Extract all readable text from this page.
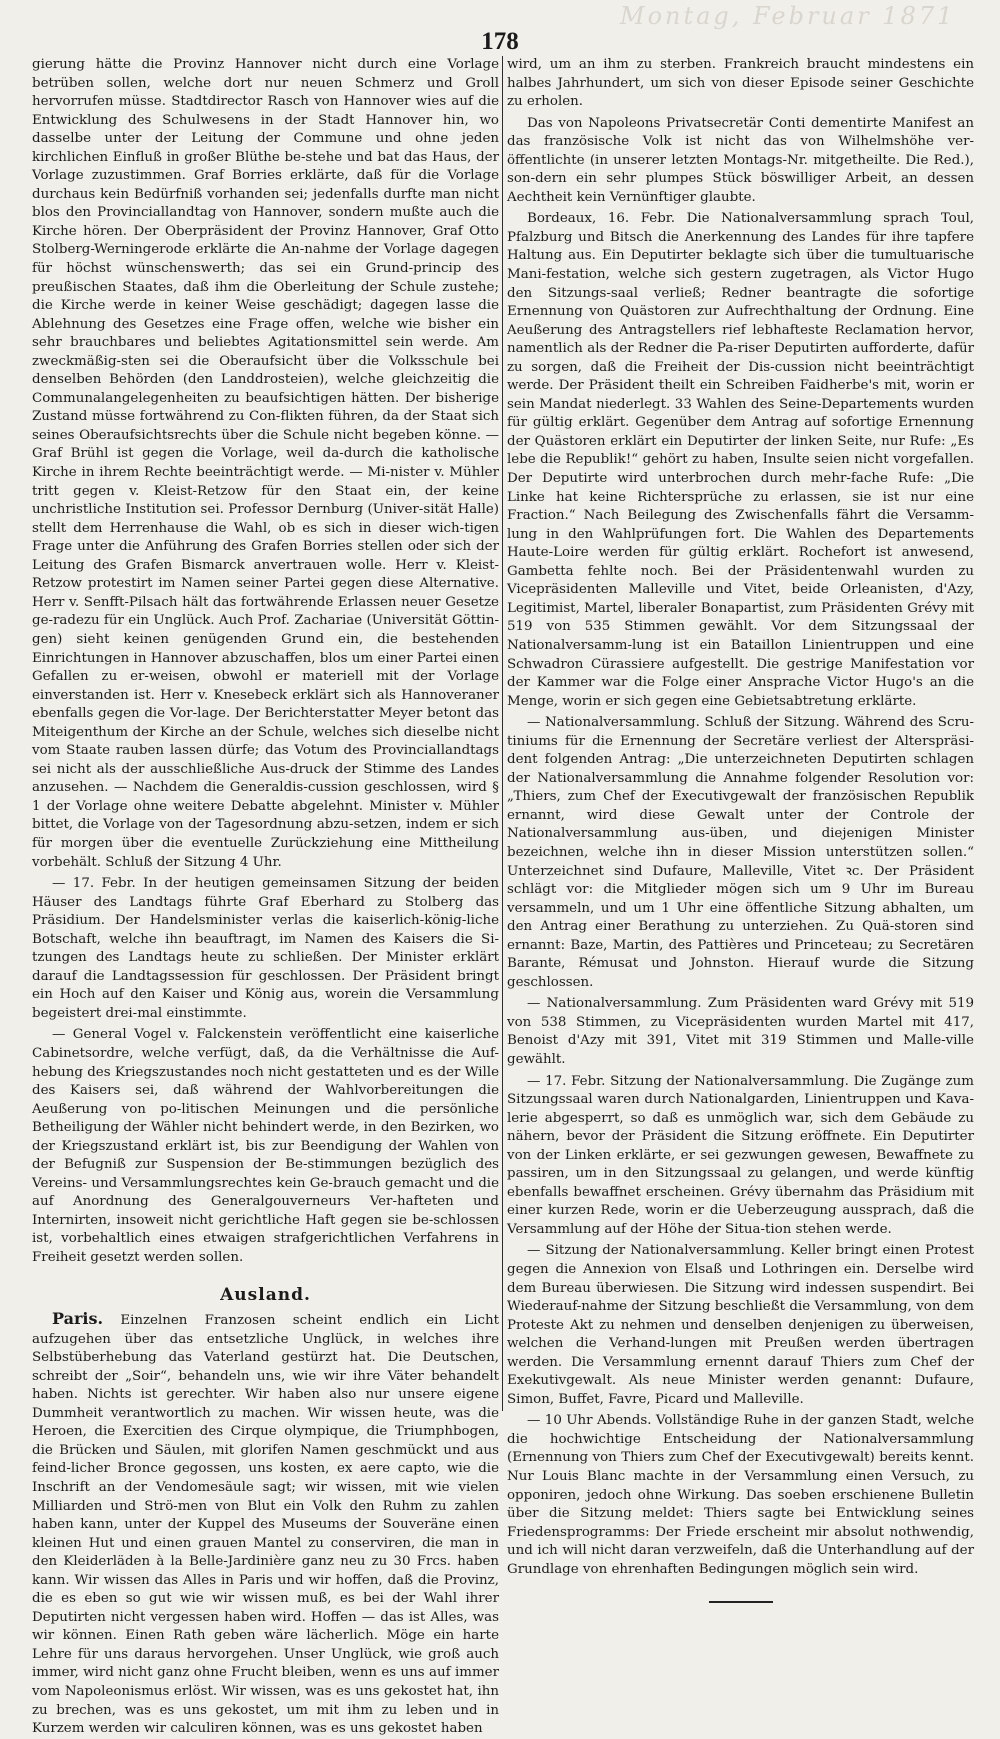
Montag, Februar 1871
178

gierung hätte die Provinz Hannover nicht durch eine Vorlage betrüben sollen, welche dort nur neuen Schmerz und Groll hervorrufen müsse. Stadtdirector Rasch von Hannover wies auf die Entwicklung des Schulwesens in der Stadt Hannover hin, wo dasselbe unter der Leitung der Commune und ohne jeden kirchlichen Einfluß in großer Blüthe be-stehe und bat das Haus, der Vorlage zuzustimmen. Graf Borries erklärte, daß für die Vorlage durchaus kein Bedürfniß vorhanden sei; jedenfalls durfte man nicht blos den Provinciallandtag von Hannover, sondern mußte auch die Kirche hören. Der Oberpräsident der Provinz Hannover, Graf Otto Stolberg-Werningerode erklärte die An-nahme der Vorlage dagegen für höchst wünschenswerth; das sei ein Grund-princip des preußischen Staates, daß ihm die Oberleitung der Schule zustehe; die Kirche werde in keiner Weise geschädigt; dagegen lasse die Ablehnung des Gesetzes eine Frage offen, welche wie bisher ein sehr brauchbares und beliebtes Agitationsmittel sein werde. Am zweckmäßig-sten sei die Oberaufsicht über die Volksschule bei denselben Behörden (den Landdrosteien), welche gleichzeitig die Communalangelegenheiten zu beaufsichtigen hätten. Der bisherige Zustand müsse fortwährend zu Con-flikten führen, da der Staat sich seines Oberaufsichtsrechts über die Schule nicht begeben könne. — Graf Brühl ist gegen die Vorlage, weil da-durch die katholische Kirche in ihrem Rechte beeinträchtigt werde. — Mi-nister v. Mühler tritt gegen v. Kleist-Retzow für den Staat ein, der keine unchristliche Institution sei. Professor Dernburg (Univer-sität Halle) stellt dem Herrenhause die Wahl, ob es sich in dieser wich-tigen Frage unter die Anführung des Grafen Borries stellen oder sich der Leitung des Grafen Bismarck anvertrauen wolle. Herr v. Kleist-Retzow protestirt im Namen seiner Partei gegen diese Alternative. Herr v. Senfft-Pilsach hält das fortwährende Erlassen neuer Gesetze ge-radezu für ein Unglück. Auch Prof. Zachariae (Universität Göttin-gen) sieht keinen genügenden Grund ein, die bestehenden Einrichtungen in Hannover abzuschaffen, blos um einer Partei einen Gefallen zu er-weisen, obwohl er materiell mit der Vorlage einverstanden ist. Herr v. Knesebeck erklärt sich als Hannoveraner ebenfalls gegen die Vor-lage. Der Berichterstatter Meyer betont das Miteigenthum der Kirche an der Schule, welches sich dieselbe nicht vom Staate rauben lassen dürfe; das Votum des Provinciallandtags sei nicht als der ausschließliche Aus-druck der Stimme des Landes anzusehen. — Nachdem die Generaldis-cussion geschlossen, wird § 1 der Vorlage ohne weitere Debatte abgelehnt. Minister v. Mühler bittet, die Vorlage von der Tagesordnung abzu-setzen, indem er sich für morgen über die eventuelle Zurückziehung eine Mittheilung vorbehält. Schluß der Sitzung 4 Uhr.

— 17. Febr. In der heutigen gemeinsamen Sitzung der beiden Häuser des Landtags führte Graf Eberhard zu Stolberg das Präsidium. Der Handelsminister verlas die kaiserlich-könig-liche Botschaft, welche ihn beauftragt, im Namen des Kaisers die Si-tzungen des Landtags heute zu schließen. Der Minister erklärt darauf die Landtagssession für geschlossen. Der Präsident bringt ein Hoch auf den Kaiser und König aus, worein die Versammlung begeistert drei-mal einstimmte.

— General Vogel v. Falckenstein veröffentlicht eine kaiserliche Cabinetsordre, welche verfügt, daß, da die Verhältnisse die Auf-hebung des Kriegszustandes noch nicht gestatteten und es der Wille des Kaisers sei, daß während der Wahlvorbereitungen die Aeußerung von po-litischen Meinungen und die persönliche Betheiligung der Wähler nicht behindert werde, in den Bezirken, wo der Kriegszustand erklärt ist, bis zur Beendigung der Wahlen von der Befugniß zur Suspension der Be-stimmungen bezüglich des Vereins- und Versammlungsrechtes kein Ge-brauch gemacht und die auf Anordnung des Generalgouverneurs Ver-hafteten und Internirten, insoweit nicht gerichtliche Haft gegen sie be-schlossen ist, vorbehaltlich eines etwaigen strafgerichtlichen Verfahrens in Freiheit gesetzt werden sollen.

Ausland.

Paris. Einzelnen Franzosen scheint endlich ein Licht aufzugehen über das entsetzliche Unglück, in welches ihre Selbstüberhebung das Vaterland gestürzt hat. Die Deutschen, schreibt der „Soir“, behandeln uns, wie wir ihre Väter behandelt haben. Nichts ist gerechter. Wir haben also nur unsere eigene Dummheit verantwortlich zu machen. Wir wissen heute, was die Heroen, die Exercitien des Cirque olympique, die Triumphbogen, die Brücken und Säulen, mit glorifen Namen geschmückt und aus feind-licher Bronce gegossen, uns kosten, ex aere capto, wie die Inschrift an der Vendomesäule sagt; wir wissen, mit wie vielen Milliarden und Strö-men von Blut ein Volk den Ruhm zu zahlen haben kann, unter der Kuppel des Museums der Souveräne einen kleinen Hut und einen grauen Mantel zu conserviren, die man in den Kleiderläden à la Belle-Jardinière ganz neu zu 30 Frcs. haben kann. Wir wissen das Alles in Paris und wir hoffen, daß die Provinz, die es eben so gut wie wir wissen muß, es bei der Wahl ihrer Deputirten nicht vergessen haben wird. Hoffen — das ist Alles, was wir können. Einen Rath geben wäre lächerlich. Möge ein harte Lehre für uns daraus hervorgehen. Unser Unglück, wie groß auch immer, wird nicht ganz ohne Frucht bleiben, wenn es uns auf immer vom Napoleonismus erlöst. Wir wissen, was es uns gekostet hat, ihn zu brechen, was es uns gekostet, um mit ihm zu leben und in Kurzem werden wir calculiren können, was es uns gekostet haben

wird, um an ihm zu sterben. Frankreich braucht mindestens ein halbes Jahrhundert, um sich von dieser Episode seiner Geschichte zu erholen.

Das von Napoleons Privatsecretär Conti dementirte Manifest an das französische Volk ist nicht das von Wilhelmshöhe ver-öffentlichte (in unserer letzten Montags-Nr. mitgetheilte. Die Red.), son-dern ein sehr plumpes Stück böswilliger Arbeit, an dessen Aechtheit kein Vernünftiger glaubte.

Bordeaux, 16. Febr. Die Nationalversammlung sprach Toul, Pfalzburg und Bitsch die Anerkennung des Landes für ihre tapfere Haltung aus. Ein Deputirter beklagte sich über die tumultuarische Mani-festation, welche sich gestern zugetragen, als Victor Hugo den Sitzungs-saal verließ; Redner beantragte die sofortige Ernennung von Quästoren zur Aufrechthaltung der Ordnung. Eine Aeußerung des Antragstellers rief lebhafteste Reclamation hervor, namentlich als der Redner die Pa-riser Deputirten aufforderte, dafür zu sorgen, daß die Freiheit der Dis-cussion nicht beeinträchtigt werde. Der Präsident theilt ein Schreiben Faidherbe's mit, worin er sein Mandat niederlegt. 33 Wahlen des Seine-Departements wurden für gültig erklärt. Gegenüber dem Antrag auf sofortige Ernennung der Quästoren erklärt ein Deputirter der linken Seite, nur Rufe: „Es lebe die Republik!“ gehört zu haben, Insulte seien nicht vorgefallen. Der Deputirte wird unterbrochen durch mehr-fache Rufe: „Die Linke hat keine Richtersprüche zu erlassen, sie ist nur eine Fraction.“ Nach Beilegung des Zwischenfalls fährt die Versamm-lung in den Wahlprüfungen fort. Die Wahlen des Departements Haute-Loire werden für gültig erklärt. Rochefort ist anwesend, Gambetta fehlte noch. Bei der Präsidentenwahl wurden zu Vicepräsidenten Malleville und Vitet, beide Orleanisten, d'Azy, Legitimist, Martel, liberaler Bonapartist, zum Präsidenten Grévy mit 519 von 535 Stimmen gewählt. Vor dem Sitzungssaal der Nationalversamm-lung ist ein Bataillon Linientruppen und eine Schwadron Cürassiere aufgestellt. Die gestrige Manifestation vor der Kammer war die Folge einer Ansprache Victor Hugo's an die Menge, worin er sich gegen eine Gebietsabtretung erklärte.

— Nationalversammlung. Schluß der Sitzung. Während des Scru-tiniums für die Ernennung der Secretäre verliest der Alterspräsi-dent folgenden Antrag: „Die unterzeichneten Deputirten schlagen der Nationalversammlung die Annahme folgender Resolution vor: „Thiers, zum Chef der Executivgewalt der französischen Republik ernannt, wird diese Gewalt unter der Controle der Nationalversammlung aus-üben, und diejenigen Minister bezeichnen, welche ihn in dieser Mission unterstützen sollen.“ Unterzeichnet sind Dufaure, Malleville, Vitet ꝛc. Der Präsident schlägt vor: die Mitglieder mögen sich um 9 Uhr im Bureau versammeln, und um 1 Uhr eine öffentliche Sitzung abhalten, um den Antrag einer Berathung zu unterziehen. Zu Quä-storen sind ernannt: Baze, Martin, des Pattières und Princeteau; zu Secretären Barante, Rémusat und Johnston. Hierauf wurde die Sitzung geschlossen.

— Nationalversammlung. Zum Präsidenten ward Grévy mit 519 von 538 Stimmen, zu Vicepräsidenten wurden Martel mit 417, Benoist d'Azy mit 391, Vitet mit 319 Stimmen und Malle-ville gewählt.

— 17. Febr. Sitzung der Nationalversammlung. Die Zugänge zum Sitzungssaal waren durch Nationalgarden, Linientruppen und Kava-lerie abgesperrt, so daß es unmöglich war, sich dem Gebäude zu nähern, bevor der Präsident die Sitzung eröffnete. Ein Deputirter von der Linken erklärte, er sei gezwungen gewesen, Bewaffnete zu passiren, um in den Sitzungssaal zu gelangen, und werde künftig ebenfalls bewaffnet erscheinen. Grévy übernahm das Präsidium mit einer kurzen Rede, worin er die Ueberzeugung aussprach, daß die Versammlung auf der Höhe der Situa-tion stehen werde.

— Sitzung der Nationalversammlung. Keller bringt einen Protest gegen die Annexion von Elsaß und Lothringen ein. Derselbe wird dem Bureau überwiesen. Die Sitzung wird indessen suspendirt. Bei Wiederauf-nahme der Sitzung beschließt die Versammlung, von dem Proteste Akt zu nehmen und denselben denjenigen zu überweisen, welchen die Verhand-lungen mit Preußen werden übertragen werden. Die Versammlung ernennt darauf Thiers zum Chef der Exekutivgewalt. Als neue Minister werden genannt: Dufaure, Simon, Buffet, Favre, Picard und Malleville.

— 10 Uhr Abends. Vollständige Ruhe in der ganzen Stadt, welche die hochwichtige Entscheidung der Nationalversammlung (Ernennung von Thiers zum Chef der Executivgewalt) bereits kennt. Nur Louis Blanc machte in der Versammlung einen Versuch, zu opponiren, jedoch ohne Wirkung. Das soeben erschienene Bulletin über die Sitzung meldet: Thiers sagte bei Entwicklung seines Friedensprogramms: Der Friede erscheint mir absolut nothwendig, und ich will nicht daran verzweifeln, daß die Unterhandlung auf der Grundlage von ehrenhaften Bedingungen möglich sein wird.
